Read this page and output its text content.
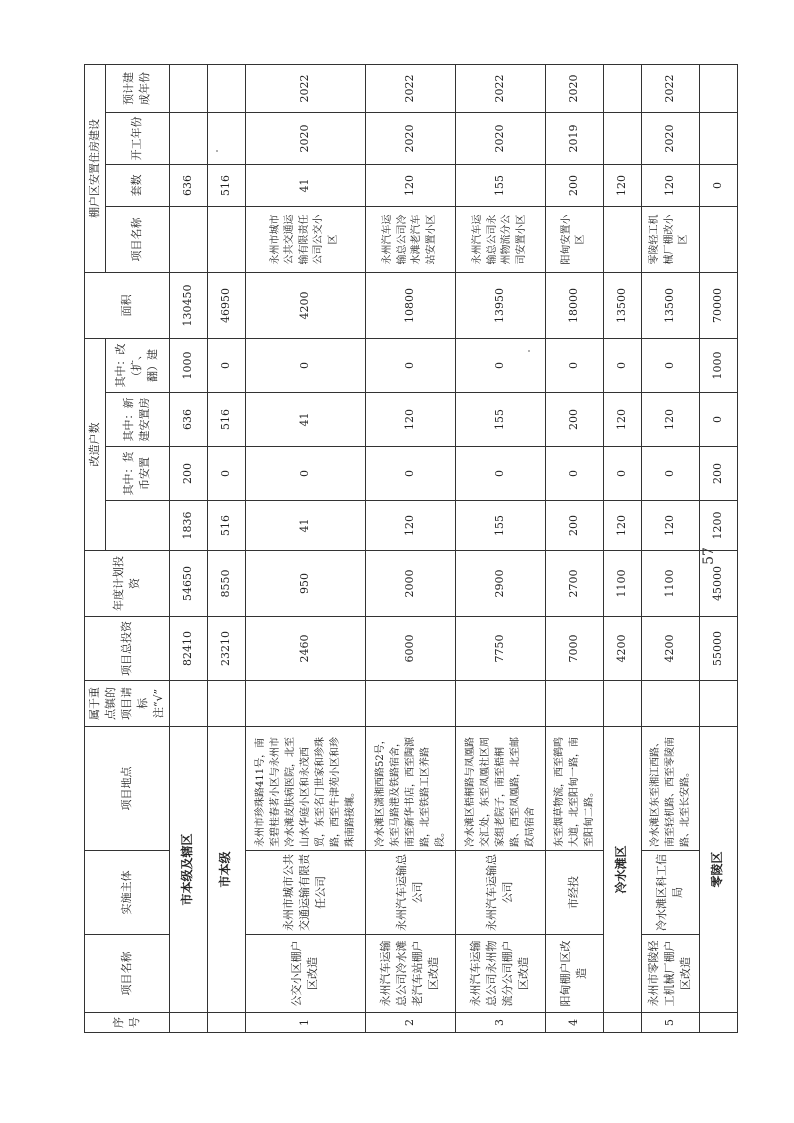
序号	项目名称	实施主体	项目地点	属于重点镇的项目请标注“√”	项目总投资	年度计划投资	改造户数				面积	棚户区安置住房建设			
								其中：货币安置	其中：新建安置房	其中：改（扩、翻）建		项目名称	套数	开工年份	预计建成年份

	市本级及辖区				82410	54650	1836	200	636	1000	130450		636		
	市本级				23210	8550	516	0	516	0	46950		516		
1	公交小区棚户区改造	永州市城市公共交通运输有限责任公司	永州市珍珠路411号，南至碧桂春茗小区与永州市冷水滩皮肤病医院，北至山水华庭小区和永茂西贸，东至名门世家和珍珠路，西至牛津苑小区和珍珠南路接壤。		2460	950	41	0	41	0	4200	永州市城市公共交通运输有限责任公司公交小区	41	2020	2022
2	永州汽车运输总公司冷水滩老汽车站棚户区改造	永州汽车运输总公司	冷水滩区潇湘西路52号，东至马路港及铁路宿舍，南至新华书店，西至陶源路，北至铁路工区养路段。		6000	2000	120	0	120	0	10800	永州汽车运输总公司冷水滩老汽车站安置小区	120	2020	2022
3	永州汽车运输总公司永州物流分公司棚户区改造	永州汽车运输总公司	冷水滩区梧桐路与凤凰路交汇处，东至凤凰社区周家组老院子，南至梧桐路、西至凤凰路，北至邮政局宿舍		7750	2900	155	0	155	0	13950	永州汽车运输总公司永州物流分公司安置小区	155	2020	2022
4	阳甸棚户区改造	市经投	东至烟草物流，西至鹤鸣大道，北至阳甸一路，南至阳甸二路。		7000	2700	200	0	200	0	18000	阳甸安置小区	200	2019	2020
	冷水滩区				4200	1100	120	0	120	0	13500		120		
5	永州市零陵轻工机械厂棚户区改造	冷水滩区科工信局	冷水滩区东至湘江西路、南至轻机路、西至零陵南路、北至长安路。		4200	1100	120	0	120	0	13500	零陵轻工机械厂棚改小区	120	2020	2022
	零陵区				55000	45000	1200	200	0	1000	70000		0		
57
